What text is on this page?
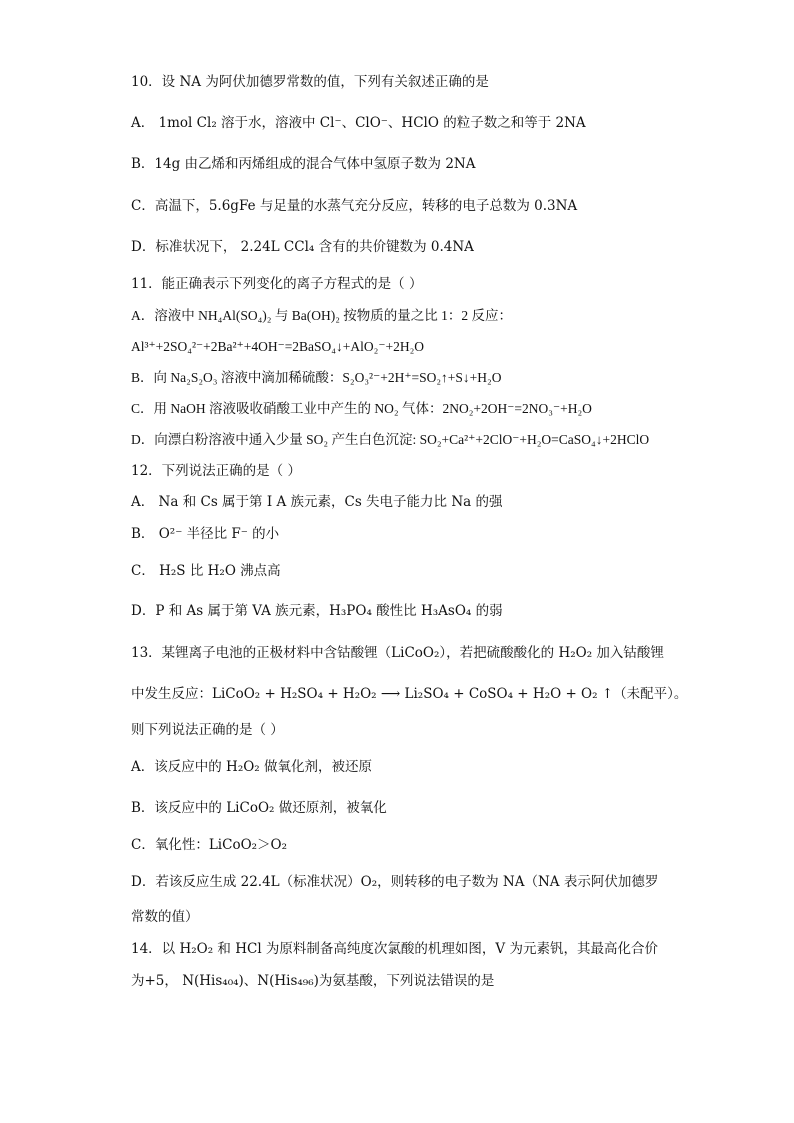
10．设 NA 为阿伏加德罗常数的值，下列有关叙述正确的是
A． 1mol Cl₂ 溶于水，溶液中 Cl⁻、ClO⁻、HClO 的粒子数之和等于 2NA
B．14g 由乙烯和丙烯组成的混合气体中氢原子数为 2NA
C．高温下，5.6gFe 与足量的水蒸气充分反应，转移的电子总数为 0.3NA
D．标准状况下， 2.24L CCl₄ 含有的共价键数为 0.4NA
11．能正确表示下列变化的离子方程式的是（ ）
A．溶液中 NH₄Al(SO₄)₂ 与 Ba(OH)₂ 按物质的量之比 1：2 反应：
Al³⁺+2SO₄²⁻+2Ba²⁺+4OH⁻=2BaSO₄↓+AlO₂⁻+2H₂O
B．向 Na₂S₂O₃ 溶液中滴加稀硫酸：S₂O₃²⁻+2H⁺=SO₂↑+S↓+H₂O
C．用 NaOH 溶液吸收硝酸工业中产生的 NO₂ 气体：2NO₂+2OH⁻=2NO₃⁻+H₂O
D．向漂白粉溶液中通入少量 SO₂ 产生白色沉淀: SO₂+Ca²⁺+2ClO⁻+H₂O=CaSO₄↓+2HClO
12．下列说法正确的是（ ）
A． Na 和 Cs 属于第 I A 族元素，Cs 失电子能力比 Na 的强
B． O²⁻ 半径比 F⁻ 的小
C． H₂S 比 H₂O 沸点高
D．P 和 As 属于第 VA 族元素，H₃PO₄ 酸性比 H₃AsO₄ 的弱
13．某锂离子电池的正极材料中含钴酸锂（LiCoO₂），若把硫酸酸化的 H₂O₂ 加入钴酸锂
中发生反应：LiCoO₂ + H₂SO₄ + H₂O₂ ⟶ Li₂SO₄ + CoSO₄ + H₂O + O₂ ↑（未配平）。
则下列说法正确的是（ ）
A．该反应中的 H₂O₂ 做氧化剂，被还原
B．该反应中的 LiCoO₂ 做还原剂，被氧化
C．氧化性：LiCoO₂＞O₂
D．若该反应生成 22.4L（标准状况）O₂，则转移的电子数为 NA（NA 表示阿伏加德罗
常数的值）
14．以 H₂O₂ 和 HCl 为原料制备高纯度次氯酸的机理如图，V 为元素钒，其最高化合价
为+5， N(His₄₀₄)、N(His₄₉₆)为氨基酸，下列说法错误的是
